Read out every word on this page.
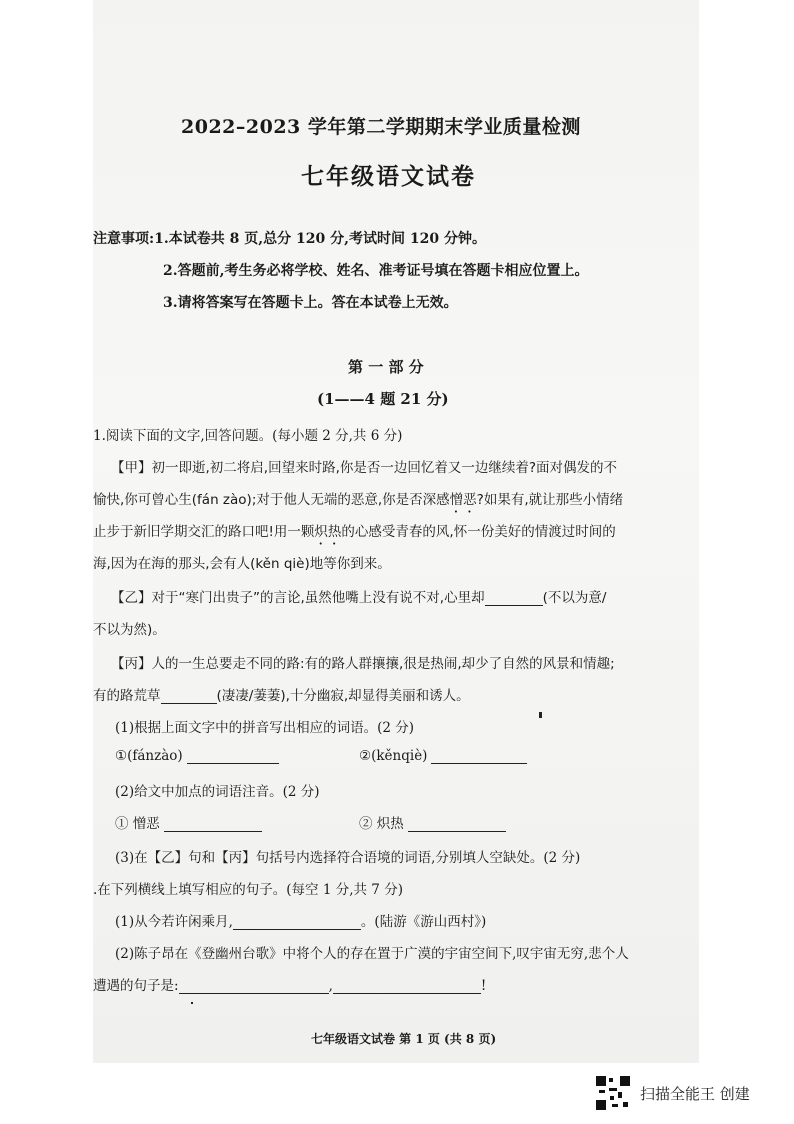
2022–2023 学年第二学期期末学业质量检测
七年级语文试卷
注意事项:1.本试卷共 8 页,总分 120 分,考试时间 120 分钟。
2.答题前,考生务必将学校、姓名、准考证号填在答题卡相应位置上。
3.请将答案写在答题卡上。答在本试卷上无效。
第 一 部 分
(1——4 题 21 分)
1.阅读下面的文字,回答问题。(每小题 2 分,共 6 分)
【甲】初一即逝,初二将启,回望来时路,你是否一边回忆着又一边继续着?面对偶发的不
愉快,你可曾心生(fán zào);对于他人无端的恶意,你是否深感憎恶?如果有,就让那些小情绪
止步于新旧学期交汇的路口吧!用一颗炽热的心感受青春的风,怀一份美好的情渡过时间的
海,因为在海的那头,会有人(kěn qiè)地等你到来。
【乙】对于“寒门出贵子”的言论,虽然他嘴上没有说不对,心里却	(不以为意/
不以为然)。
【丙】人的一生总要走不同的路:有的路人群攘攘,很是热闹,却少了自然的风景和情趣;
有的路荒草	(凄凄/萋萋),十分幽寂,却显得美丽和诱人。
(1)根据上面文字中的拼音写出相应的词语。(2 分)
①(fánzào)	②(kěnqiè)
(2)给文中加点的词语注音。(2 分)
① 憎恶	② 炽热
(3)在【乙】句和【丙】句括号内选择符合语境的词语,分别填人空缺处。(2 分)
.在下列横线上填写相应的句子。(每空 1 分,共 7 分)
(1)从今若许闲乘月,	。(陆游《游山西村》)
(2)陈子昂在《登幽州台歌》中将个人的存在置于广漠的宇宙空间下,叹宇宙无穷,悲个人
遭遇的句子是:	,	!
七年级语文试卷 第 1 页 (共 8 页)
扫描全能王 创建
